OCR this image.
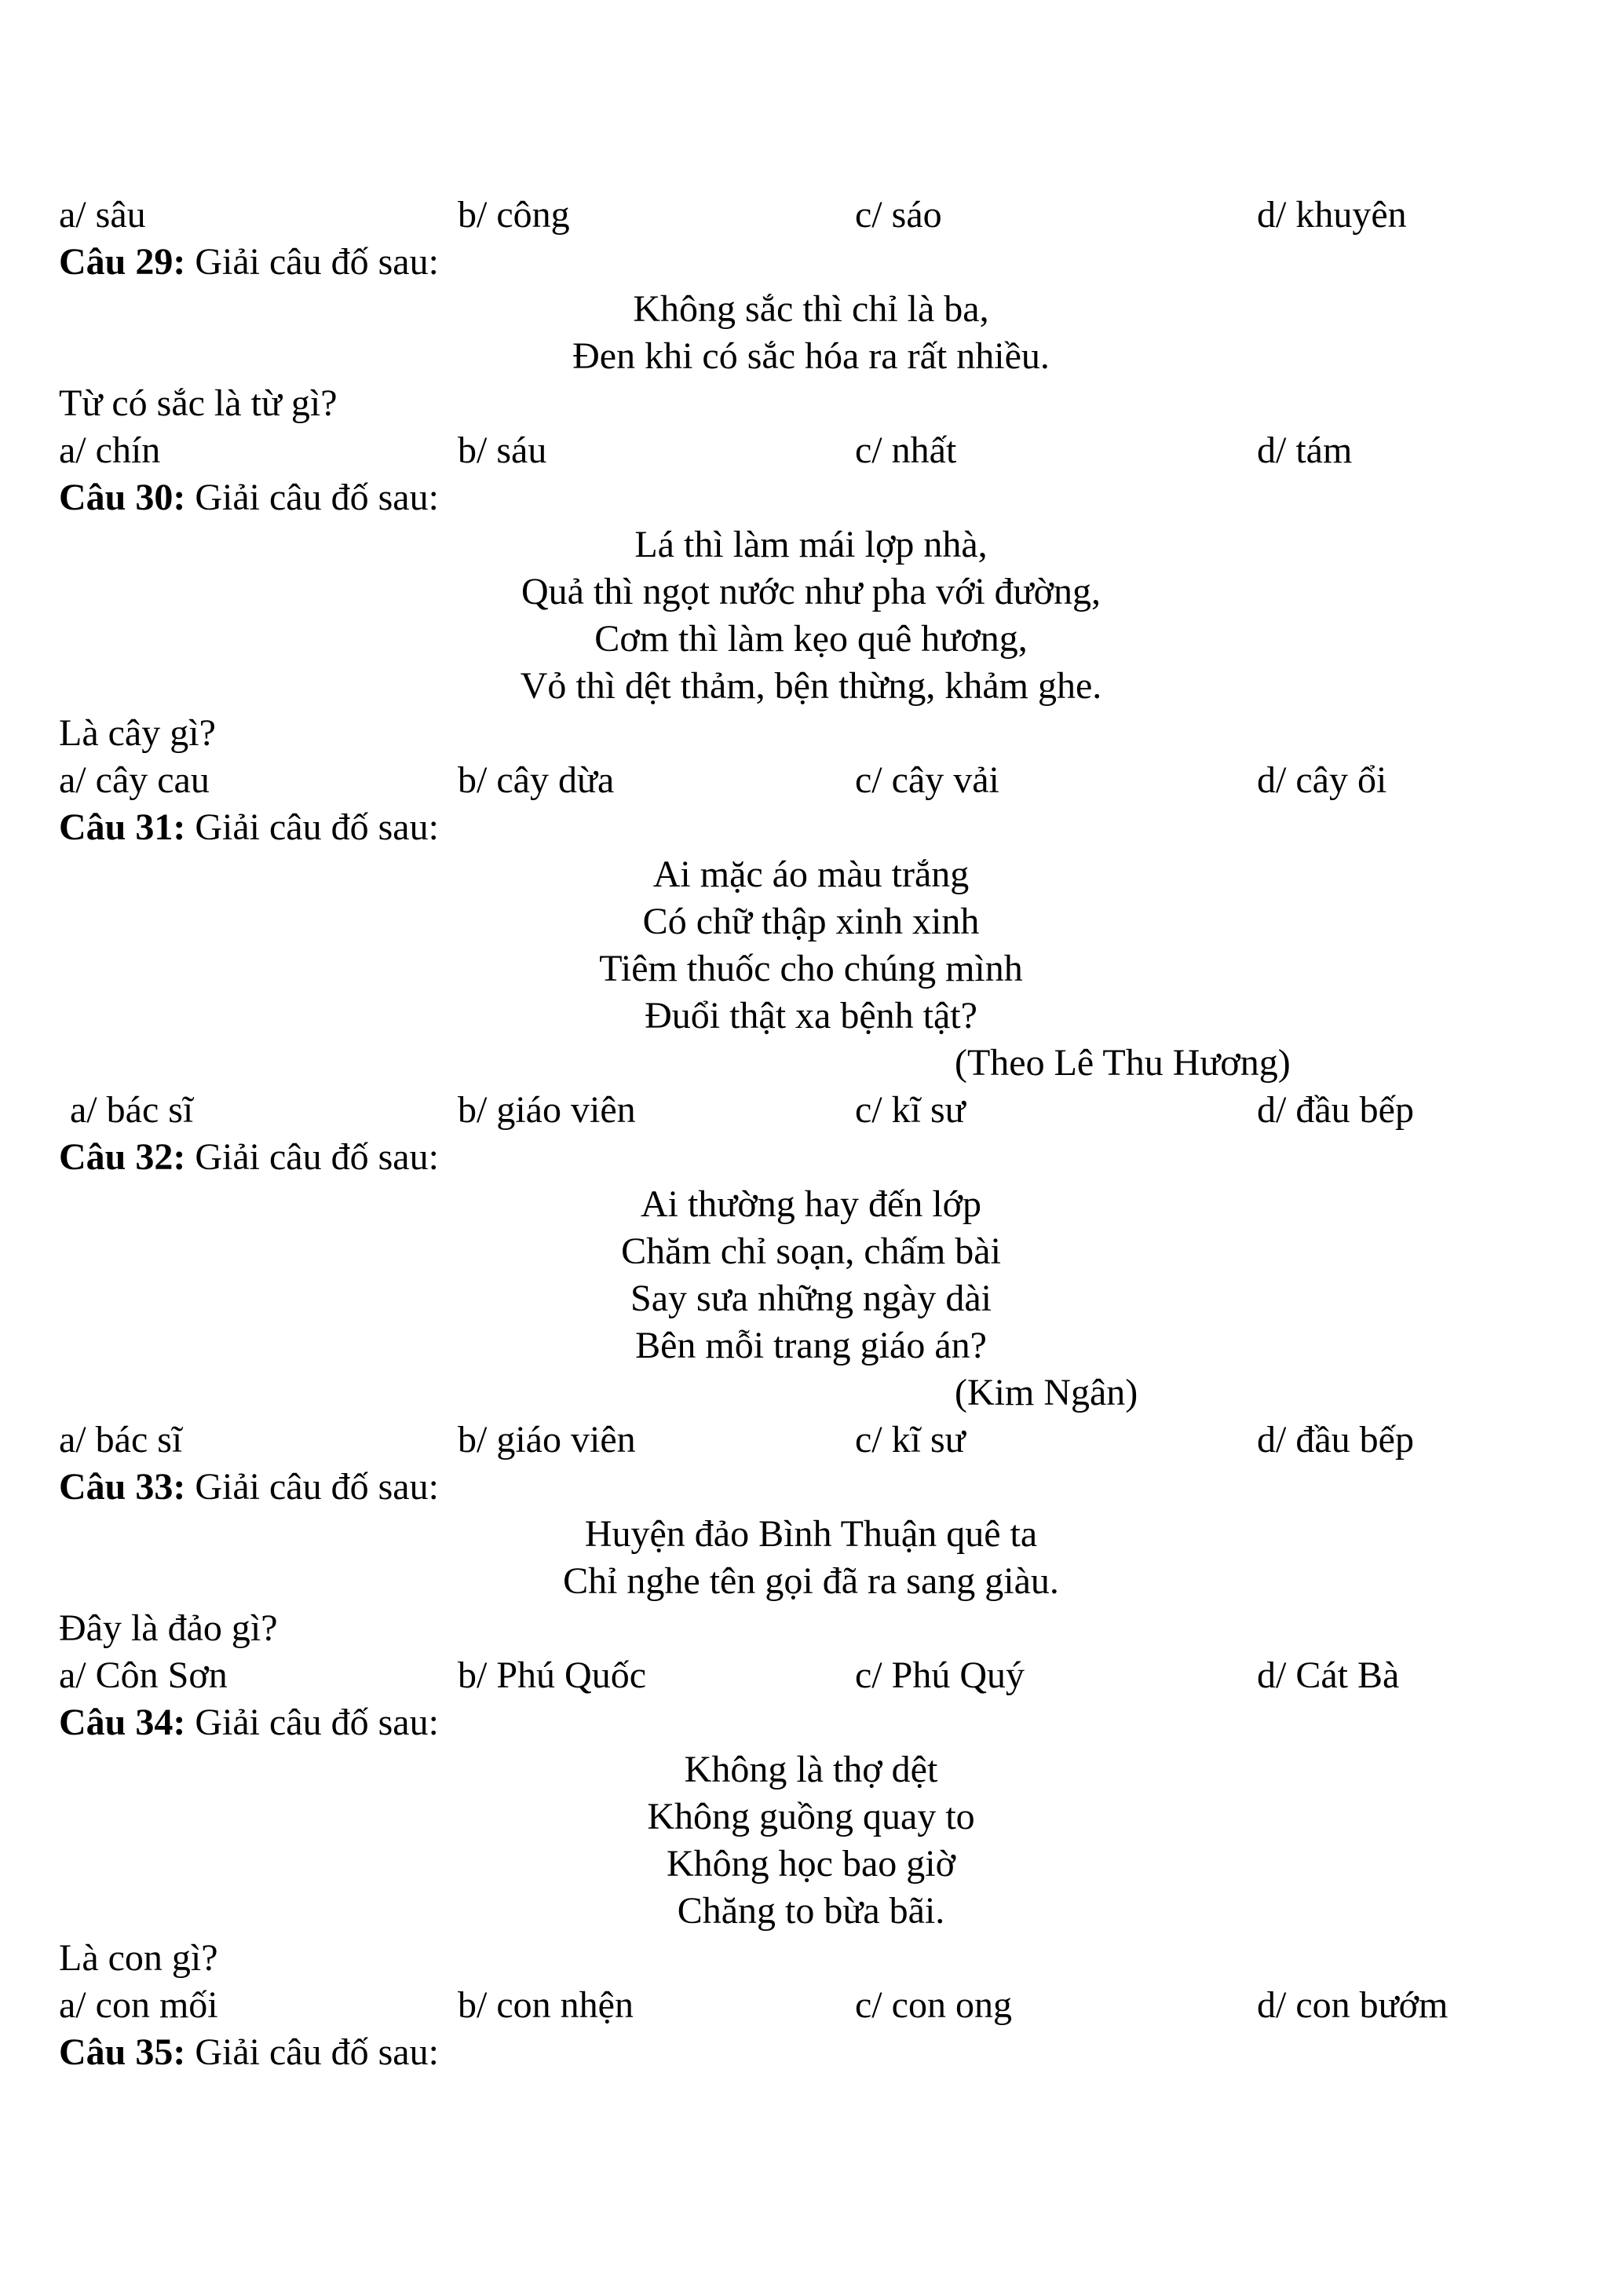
a/ sâu	b/ công	c/ sáo	d/ khuyên
Câu 29: Giải câu đố sau:
Không sắc thì chỉ là ba,
Đen khi có sắc hóa ra rất nhiều.
Từ có sắc là từ gì?
a/ chín	b/ sáu	c/ nhất	d/ tám
Câu 30: Giải câu đố sau:
Lá thì làm mái lợp nhà,
Quả thì ngọt nước như pha với đường,
Cơm thì làm kẹo quê hương,
Vỏ thì dệt thảm, bện thừng, khảm ghe.
Là cây gì?
a/ cây cau	b/ cây dừa	c/ cây vải	d/ cây ổi
Câu 31: Giải câu đố sau:
Ai mặc áo màu trắng
Có chữ thập xinh xinh
Tiêm thuốc cho chúng mình
Đuổi thật xa bệnh tật?
(Theo Lê Thu Hương)
a/ bác sĩ	b/ giáo viên	c/ kĩ sư	d/ đầu bếp
Câu 32: Giải câu đố sau:
Ai thường hay đến lớp
Chăm chỉ soạn, chấm bài
Say sưa những ngày dài
Bên mỗi trang giáo án?
(Kim Ngân)
a/ bác sĩ	b/ giáo viên	c/ kĩ sư	d/ đầu bếp
Câu 33: Giải câu đố sau:
Huyện đảo Bình Thuận quê ta
Chỉ nghe tên gọi đã ra sang giàu.
Đây là đảo gì?
a/ Côn Sơn	b/ Phú Quốc	c/ Phú Quý	d/ Cát Bà
Câu 34: Giải câu đố sau:
Không là thợ dệt
Không guồng quay to
Không học bao giờ
Chăng to bừa bãi.
Là con gì?
a/ con mối	b/ con nhện	c/ con ong	d/ con bướm
Câu 35: Giải câu đố sau:
